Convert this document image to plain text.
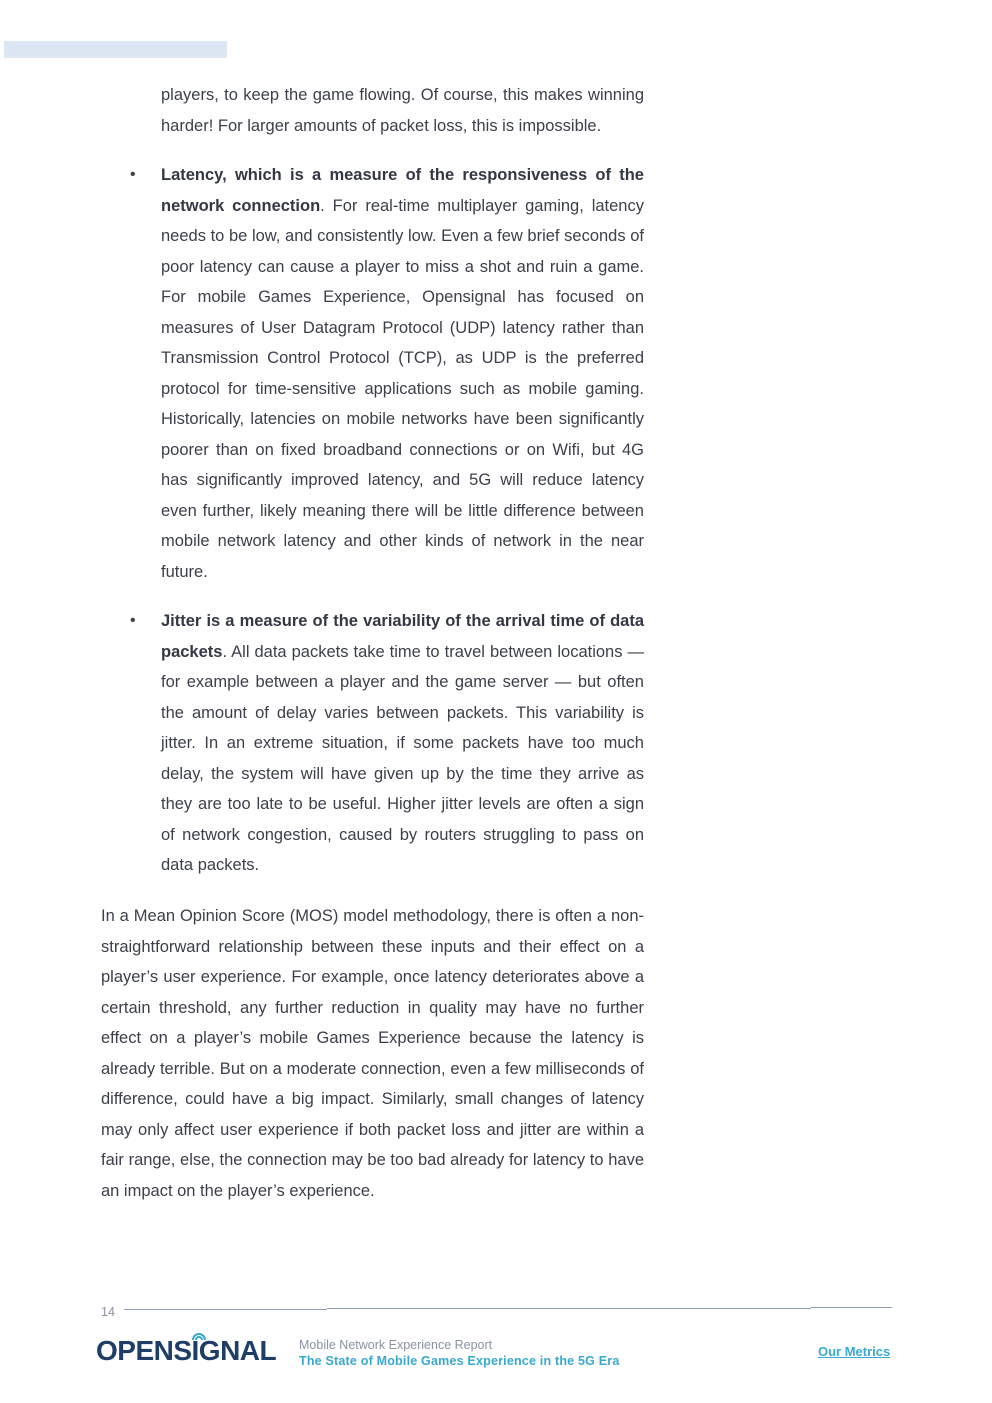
players, to keep the game flowing. Of course, this makes winning harder! For larger amounts of packet loss, this is impossible.

• Latency, which is a measure of the responsiveness of the network connection. For real-time multiplayer gaming, latency needs to be low, and consistently low. Even a few brief seconds of poor latency can cause a player to miss a shot and ruin a game. For mobile Games Experience, Opensignal has focused on measures of User Datagram Protocol (UDP) latency rather than Transmission Control Protocol (TCP), as UDP is the preferred protocol for time-sensitive applications such as mobile gaming. Historically, latencies on mobile networks have been significantly poorer than on fixed broadband connections or on Wifi, but 4G has significantly improved latency, and 5G will reduce latency even further, likely meaning there will be little difference between mobile network latency and other kinds of network in the near future.
• Jitter is a measure of the variability of the arrival time of data packets. All data packets take time to travel between locations — for example between a player and the game server — but often the amount of delay varies between packets. This variability is jitter. In an extreme situation, if some packets have too much delay, the system will have given up by the time they arrive as they are too late to be useful. Higher jitter levels are often a sign of network congestion, caused by routers struggling to pass on data packets.

In a Mean Opinion Score (MOS) model methodology, there is often a non-straightforward relationship between these inputs and their effect on a player’s user experience. For example, once latency deteriorates above a certain threshold, any further reduction in quality may have no further effect on a player’s mobile Games Experience because the latency is already terrible. But on a moderate connection, even a few milliseconds of difference, could have a big impact. Similarly, small changes of latency may only affect user experience if both packet loss and jitter are within a fair range, else, the connection may be too bad already for latency to have an impact on the player’s experience.

14
OPENSIGNAL Mobile Network Experience Report
The State of Mobile Games Experience in the 5G Era
Our Metrics
